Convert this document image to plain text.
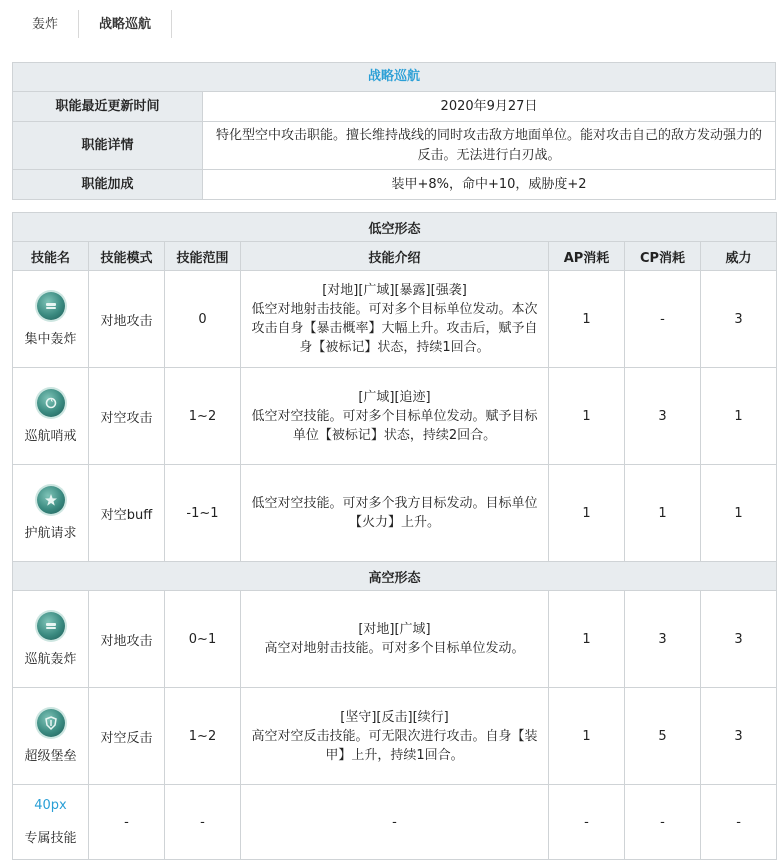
轰炸	战略巡航
战略巡航	
职能最近更新时间	2020年9月27日
职能详情	特化型空中攻击职能。擅长维持战线的同时攻击敌方地面单位。能对攻击自己的敌方发动强力的反击。无法进行白刃战。
职能加成	装甲+8%，命中+10，威胁度+2
低空形态						
技能名	技能模式	技能范围	技能介绍	AP消耗	CP消耗	威力

集中轰炸	对地攻击	0	[对地][广域][暴露][强袭]
低空对地射击技能。可对多个目标单位发动。本次攻击自身【暴击概率】大幅上升。攻击后，赋予自身【被标记】状态，持续1回合。	1	-	3

巡航哨戒	对空攻击	1~2	[广域][追迹]
低空对空技能。可对多个目标单位发动。赋予目标单位【被标记】状态，持续2回合。	1	3	1

护航请求	对空buff	-1~1	低空对空技能。可对多个我方目标发动。目标单位【火力】上升。	1	1	1
高空形态						

巡航轰炸	对地攻击	0~1	[对地][广域]
高空对地射击技能。可对多个目标单位发动。	1	3	3

超级堡垒	对空反击	1~2	[坚守][反击][续行]
高空对空反击技能。可无限次进行攻击。自身【装甲】上升，持续1回合。	1	5	3

40px
专属技能	-	-	-	-	-	-
